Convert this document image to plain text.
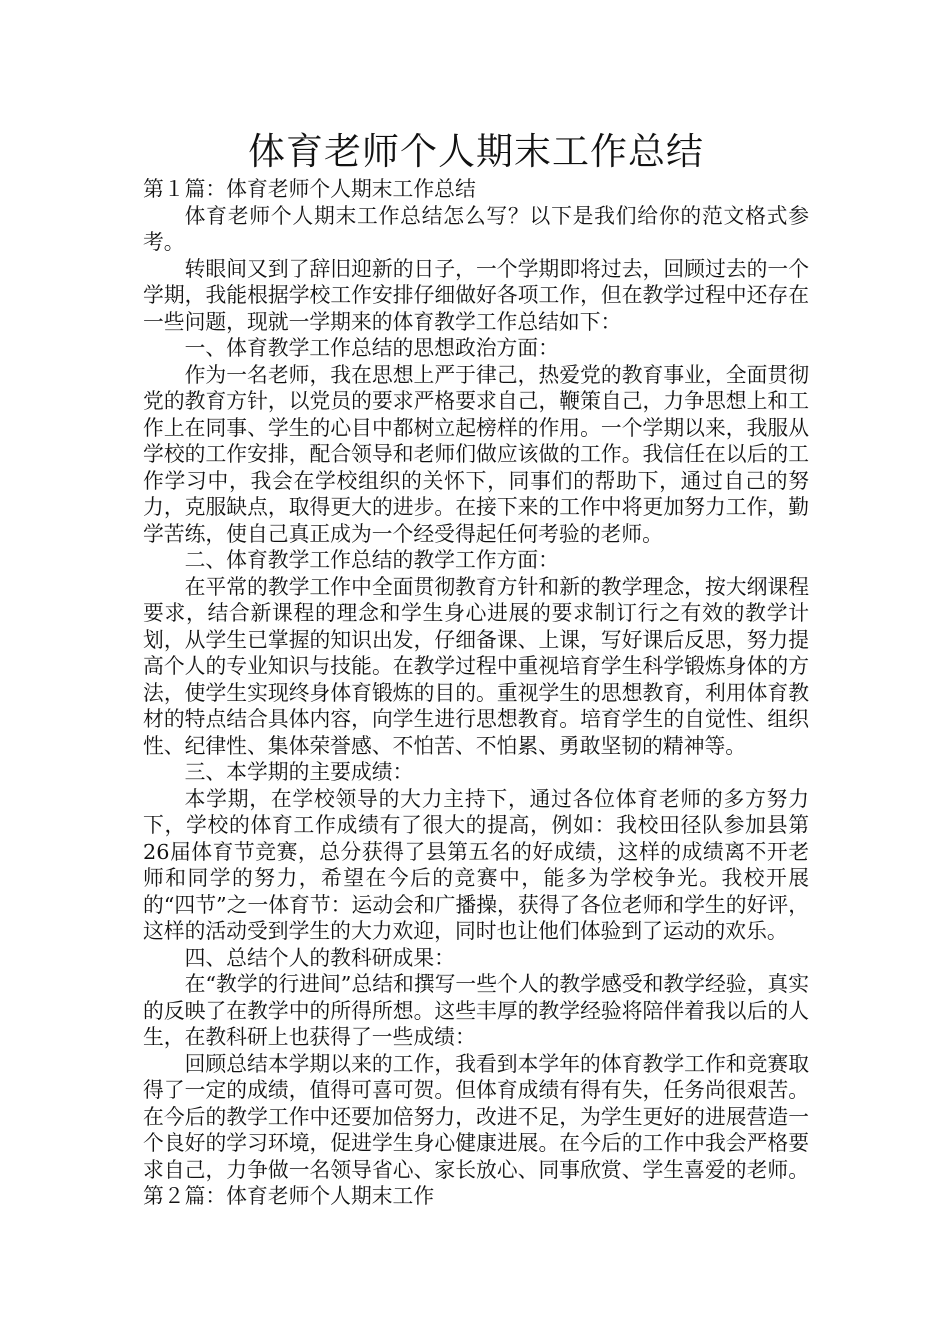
体育老师个人期末工作总结

第１篇：体育老师个人期末工作总结

体育老师个人期末工作总结怎么写？以下是我们给你的范文格式参考。

转眼间又到了辞旧迎新的日子，一个学期即将过去，回顾过去的一个学期，我能根据学校工作安排仔细做好各项工作，但在教学过程中还存在一些问题，现就一学期来的体育教学工作总结如下：

一、体育教学工作总结的思想政治方面：

作为一名老师，我在思想上严于律己，热爱党的教育事业，全面贯彻党的教育方针，以党员的要求严格要求自己，鞭策自己，力争思想上和工作上在同事、学生的心目中都树立起榜样的作用。一个学期以来，我服从学校的工作安排，配合领导和老师们做应该做的工作。我信任在以后的工作学习中，我会在学校组织的关怀下，同事们的帮助下，通过自己的努力，克服缺点，取得更大的进步。在接下来的工作中将更加努力工作，勤学苦练，使自己真正成为一个经受得起任何考验的老师。

二、体育教学工作总结的教学工作方面：

在平常的教学工作中全面贯彻教育方针和新的教学理念，按大纲课程要求，结合新课程的理念和学生身心进展的要求制订行之有效的教学计划，从学生已掌握的知识出发，仔细备课、上课，写好课后反思，努力提高个人的专业知识与技能。在教学过程中重视培育学生科学锻炼身体的方法，使学生实现终身体育锻炼的目的。重视学生的思想教育，利用体育教材的特点结合具体内容，向学生进行思想教育。培育学生的自觉性、组织性、纪律性、集体荣誉感、不怕苦、不怕累、勇敢坚韧的精神等。

三、本学期的主要成绩：

本学期，在学校领导的大力主持下，通过各位体育老师的多方努力下，学校的体育工作成绩有了很大的提高，例如：我校田径队参加县第26届体育节竞赛，总分获得了县第五名的好成绩，这样的成绩离不开老师和同学的努力，希望在今后的竞赛中，能多为学校争光。我校开展的“四节”之一体育节：运动会和广播操，获得了各位老师和学生的好评，这样的活动受到学生的大力欢迎，同时也让他们体验到了运动的欢乐。

四、总结个人的教科研成果：

在“教学的行进间”总结和撰写一些个人的教学感受和教学经验，真实的反映了在教学中的所得所想。这些丰厚的教学经验将陪伴着我以后的人生，在教科研上也获得了一些成绩：

回顾总结本学期以来的工作，我看到本学年的体育教学工作和竞赛取得了一定的成绩，值得可喜可贺。但体育成绩有得有失，任务尚很艰苦。在今后的教学工作中还要加倍努力，改进不足，为学生更好的进展营造一个良好的学习环境，促进学生身心健康进展。在今后的工作中我会严格要求自己，力争做一名领导省心、家长放心、同事欣赏、学生喜爱的老师。第２篇：体育老师个人期末工作
